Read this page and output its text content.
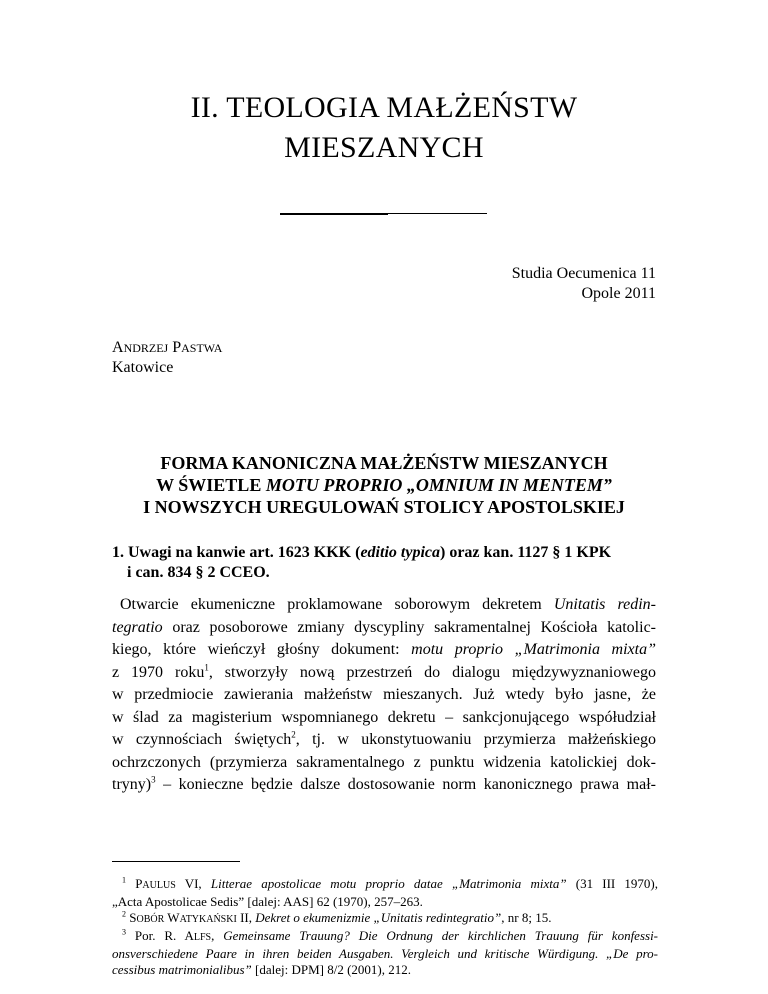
II. TEOLOGIA MAŁŻEŃSTW
MIESZANYCH
Studia Oecumenica 11
Opole 2011
ANDRZEJ PASTWA
Katowice
FORMA KANONICZNA MAŁŻEŃSTW MIESZANYCH
W ŚWIETLE MOTU PROPRIO „OMNIUM IN MENTEM”
I NOWSZYCH UREGULOWAŃ STOLICY APOSTOLSKIEJ
1. Uwagi na kanwie art. 1623 KKK (editio typica) oraz kan. 1127 § 1 KPK
i can. 834 § 2 CCEO.
Otwarcie ekumeniczne proklamowane soborowym dekretem Unitatis redin-
tegratio oraz posoborowe zmiany dyscypliny sakramentalnej Kościoła katolic-
kiego, które wieńczył głośny dokument: motu proprio „Matrimonia mixta”
z 1970 roku$^1$, stworzyły nową przestrzeń do dialogu międzywyznaniowego
w przedmiocie zawierania małżeństw mieszanych. Już wtedy było jasne, że
w ślad za magisterium wspomnianego dekretu – sankcjonującego współudział
w czynnościach świętych$^2$, tj. w ukonstytuowaniu przymierza małżeńskiego
ochrzczonych (przymierza sakramentalnego z punktu widzenia katolickiej dok-
tryny)$^3$ – konieczne będzie dalsze dostosowanie norm kanonicznego prawa mał-
$^1$ PAULUS VI, Litterae apostolicae motu proprio datae „Matrimonia mixta” (31 III 1970),
„Acta Apostolicae Sedis” [dalej: AAS] 62 (1970), 257–263.
$^2$ SOBÓR WATYKAŃSKI II, Dekret o ekumenizmie „Unitatis redintegratio”, nr 8; 15.
$^3$ Por. R. ALFS, Gemeinsame Trauung? Die Ordnung der kirchlichen Trauung für konfessi-
onsverschiedene Paare in ihren beiden Ausgaben. Vergleich und kritische Würdigung. „De pro-
cessibus matrimonialibus” [dalej: DPM] 8/2 (2001), 212.
